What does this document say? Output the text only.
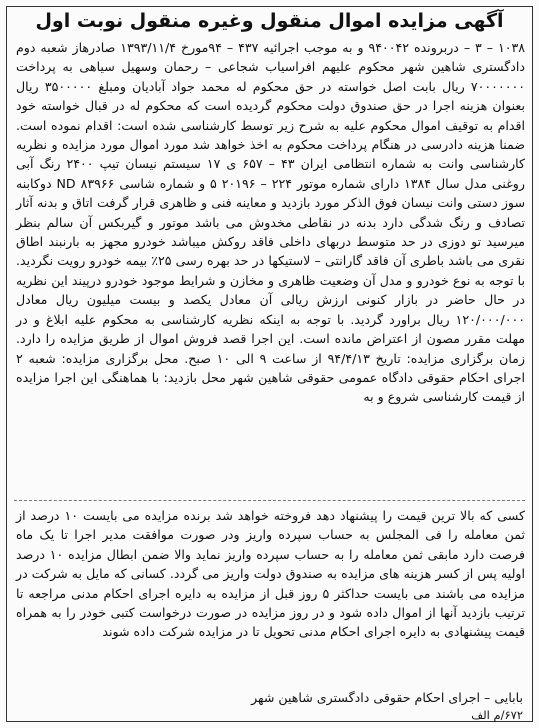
آگهی مزایده اموال منقول وغیره منقول نوبت اول

۱۰۳۸ – ۳ – دربرونده ۹۴۰۰۴۲ و به موجب اجرائیه ۴۳۷ – ۹۴مورخ ۱۳۹۳/۱۱/۴ صادرهاز شعبه دوم دادگستری شاهین شهر محکوم علیهم افراسیاب شجاعی – رحمان وسهیل سیاهی به پرداخت ۷۰۰۰۰۰۰۰ ریال بابت اصل خواسته در حق محکوم له محمد جواد آبادیان ومبلغ ۳۵۰۰۰۰۰ ریال بعنوان هزینه اجرا در حق صندوق دولت محکوم گردیده است که محکوم له در قبال خواسته خود اقدام به توقیف اموال محکوم علیه به شرح زیر توسط کارشناسی شده است: اقدام نموده است. ضمنا هزینه دادرسی در هنگام پرداخت محکوم به اخذ خواهد شد مورد اموال مورد مزایده و نظریه کارشناسی وانت به شماره انتظامی ایران ۴۳ – ۶۵۷ ی ۱۷ سیستم نیسان تیپ ۲۴۰۰ رنگ آبی روغنی مدل سال ۱۳۸۴ دارای شماره موتور ۲۲۴ – ۲۰۱۹۶ ۵ و شماره شاسی ۸۳۹۶۶ ND دوکابنه سوز دستی وانت نیسان فوق الذکر مورد بازدید و معاینه فنی و ظاهری قرار گرفت اتاق و بدنه آثار تصادف و رنگ شدگی دارد بدنه در نقاطی مخدوش می باشد موتور و گیربکس آن سالم بنظر میرسید تو دوزی در حد متوسط دربهای داخلی فاقد روکش میباشد خودرو مجهز به بارنبند اطاق نقری می باشد باطری آن فاقد گارانتی – لاستیکها در حد بهره رسی ۲۵٪ بیمه خودرو رویت نگردید. با توجه به نوع خودرو و مدل آن وضعیت ظاهری و مخازن و شرایط موجود خودرو درپیند این نظریه در حال حاضر در بازار کنونی ارزش ریالی آن معادل یکصد و بیست میلیون ریال معادل ۱۲۰/۰۰۰/۰۰۰ ریال براورد گردید. با توجه به اینکه نظریه کارشناسی به محکوم علیه ابلاغ و در مهلت مقرر مصون از اعتراض مانده است. این اجرا قصد فروش اموال از طریق مزایده را دارد. زمان برگزاری مزایده: تاریخ ۹۴/۴/۱۳ از ساعت ۹ الی ۱۰ صبح. محل برگزاری مزایده: شعبه ۲ اجرای احکام حقوقی دادگاه عمومی حقوقی شاهین شهر محل بازدید: با هماهنگی این اجرا مزایده از قیمت کارشناسی شروع و به

کسی که بالا ترین قیمت را پیشنهاد دهد فروخته خواهد شد برنده مزایده می بایست ۱۰ درصد از ثمن معامله را فی المجلس به حساب سپرده واریز ودر صورت موافقت مدیر اجرا تا یک ماه فرصت دارد مابقی ثمن معامله را به حساب سپرده واریز نماید والا ضمن ابطال مزایده ۱۰ درصد اولیه پس از کسر هزینه های مزایده به صندوق دولت واریز می گردد. کسانی که مایل به شرکت در مزایده می باشند می بایست حداکثر ۵ روز قبل از مزایده به دایره اجرای احکام مدنی مراجعه تا ترتیب بازدید آنها از اموال داده شود و در روز مزایده در صورت درخواست کتبی خودر را به همراه قیمت پیشنهادی به دایره اجرای احکام مدنی تحویل تا در مزایده شرکت داده شوند

بابایی – اجرای احکام حقوقی دادگستری شاهین شهر
۶۷۲/م الف
